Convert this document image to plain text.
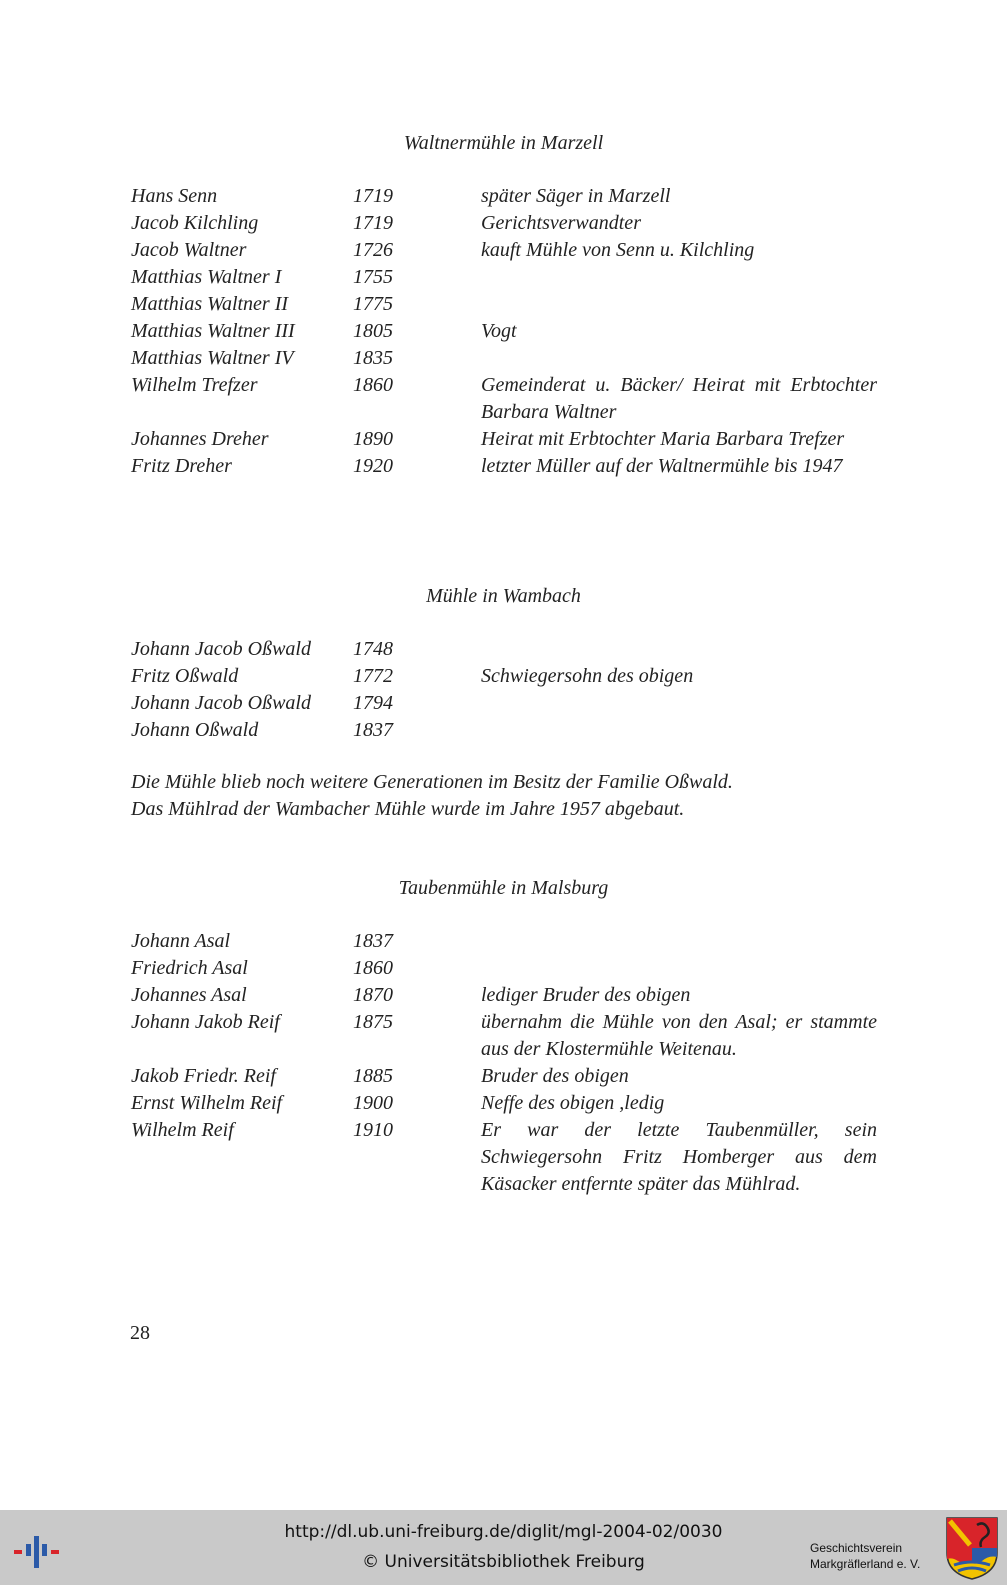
Waltnermühle in Marzell
Hans Senn	1719	später Säger in Marzell
Jacob Kilchling	1719	Gerichtsverwandter
Jacob Waltner	1726	kauft Mühle von Senn u. Kilchling
Matthias Waltner I	1755
Matthias Waltner II	1775
Matthias Waltner III	1805	Vogt
Matthias Waltner IV	1835
Wilhelm Trefzer	1860	Gemeinderat u. Bäcker/ Heirat mit Erbtochter Barbara Waltner
Johannes Dreher	1890	Heirat mit Erbtochter Maria Barbara Trefzer
Fritz Dreher	1920	letzter Müller auf der Waltnermühle bis 1947
Mühle in Wambach
Johann Jacob Oßwald	1748
Fritz Oßwald	1772	Schwiegersohn des obigen
Johann Jacob Oßwald	1794
Johann Oßwald	1837
Die Mühle blieb noch weitere Generationen im Besitz der Familie Oßwald.
Das Mühlrad der Wambacher Mühle wurde im Jahre 1957 abgebaut.
Taubenmühle in Malsburg
Johann Asal	1837
Friedrich Asal	1860
Johannes Asal	1870	lediger Bruder des obigen
Johann Jakob Reif	1875	übernahm die Mühle von den Asal; er stammte aus der Klostermühle Weitenau.
Jakob Friedr. Reif	1885	Bruder des obigen
Ernst Wilhelm Reif	1900	Neffe des obigen ,ledig
Wilhelm Reif	1910	Er war der letzte Taubenmüller, sein Schwiegersohn Fritz Homberger aus dem Käsacker entfernte später das Mühlrad.
28
http://dl.ub.uni-freiburg.de/diglit/mgl-2004-02/0030
© Universitätsbibliothek Freiburg
Geschichtsverein
Markgräflerland e. V.
